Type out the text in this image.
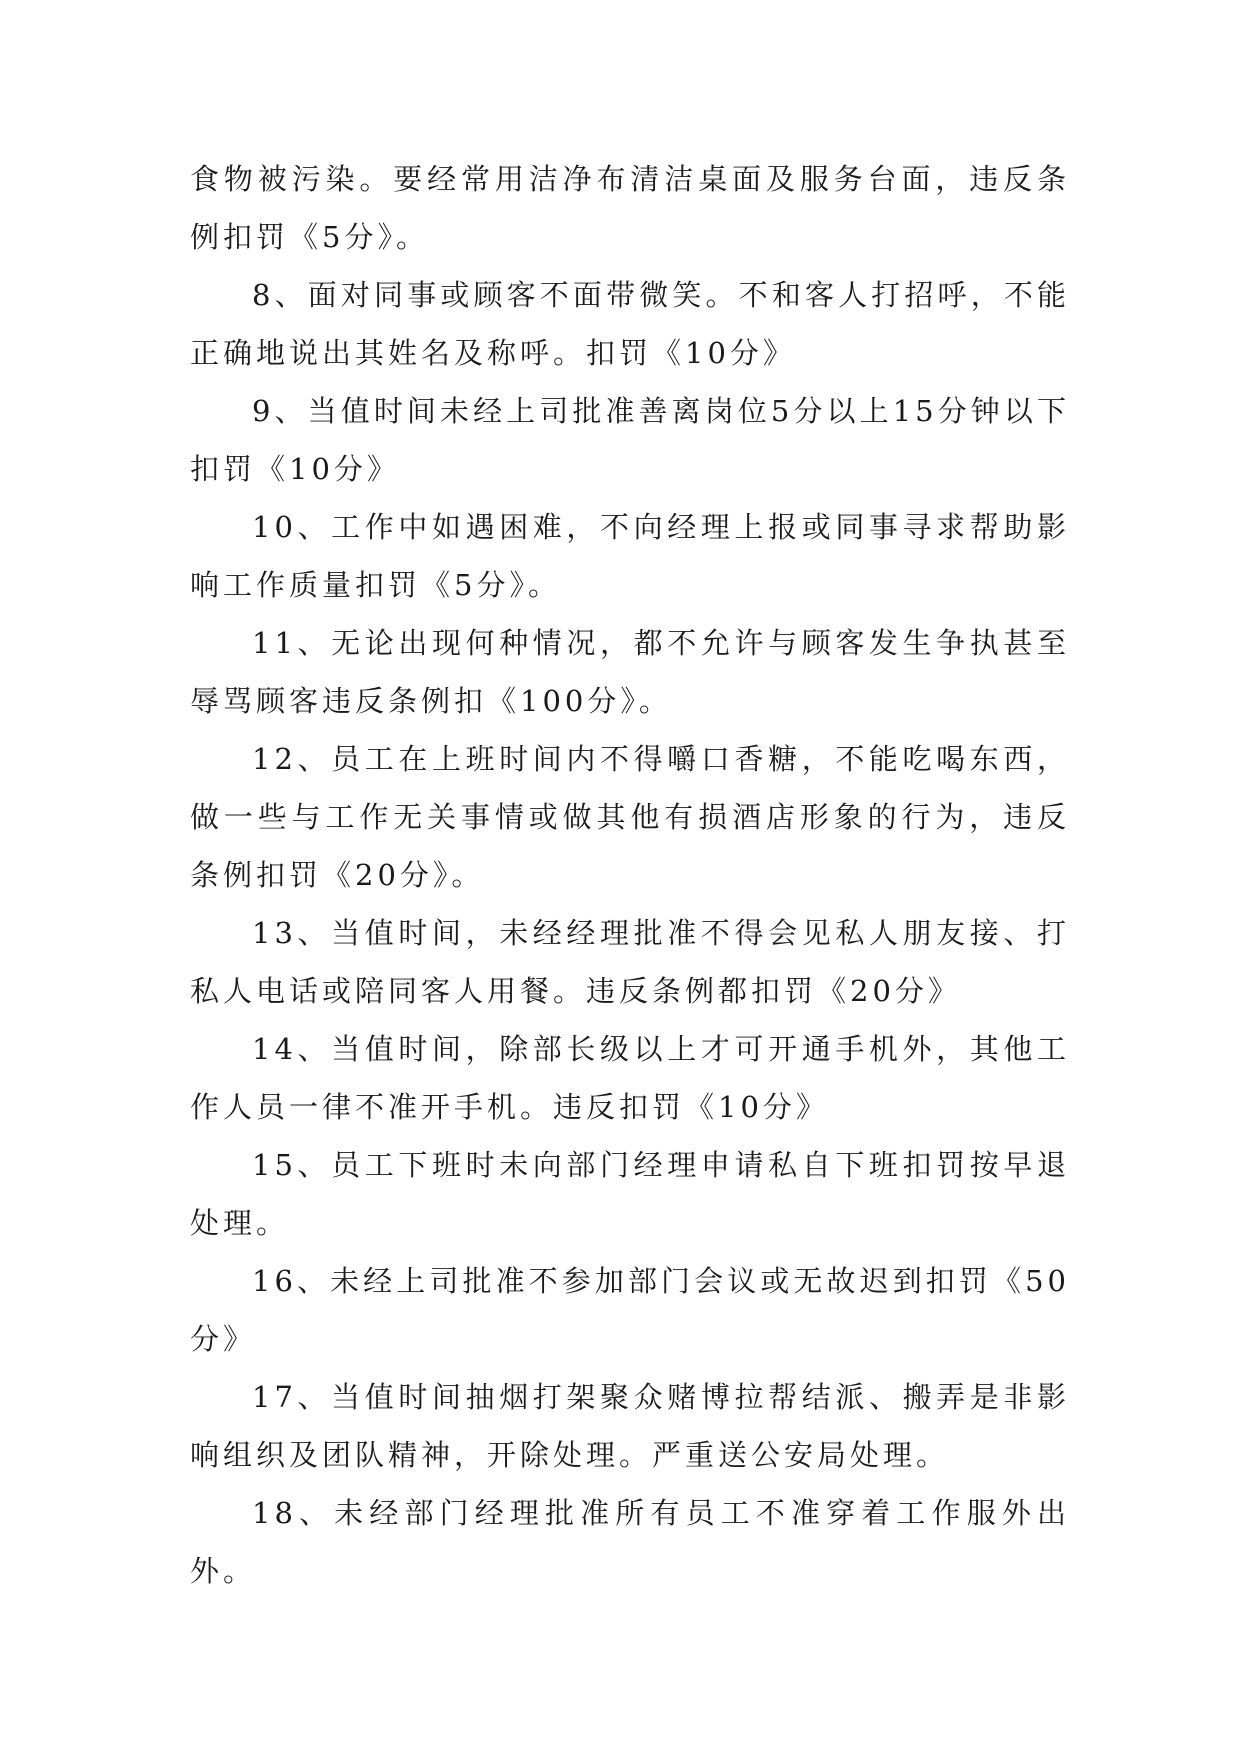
食物被污染。要经常用洁净布清洁桌面及服务台面，违反条例扣罚《5分》。

8、面对同事或顾客不面带微笑。不和客人打招呼，不能正确地说出其姓名及称呼。扣罚《10分》

9、当值时间未经上司批准善离岗位5分以上15分钟以下扣罚《10分》

10、工作中如遇困难，不向经理上报或同事寻求帮助影响工作质量扣罚《5分》。

11、无论出现何种情况，都不允许与顾客发生争执甚至辱骂顾客违反条例扣《100分》。

12、员工在上班时间内不得嚼口香糖，不能吃喝东西，做一些与工作无关事情或做其他有损酒店形象的行为，违反条例扣罚《20分》。

13、当值时间，未经经理批准不得会见私人朋友接、打私人电话或陪同客人用餐。违反条例都扣罚《20分》

14、当值时间，除部长级以上才可开通手机外，其他工作人员一律不准开手机。违反扣罚《10分》

15、员工下班时未向部门经理申请私自下班扣罚按早退处理。

16、未经上司批准不参加部门会议或无故迟到扣罚《50分》

17、当值时间抽烟打架聚众赌博拉帮结派、搬弄是非影响组织及团队精神，开除处理。严重送公安局处理。

18、未经部门经理批准所有员工不准穿着工作服外出外。
